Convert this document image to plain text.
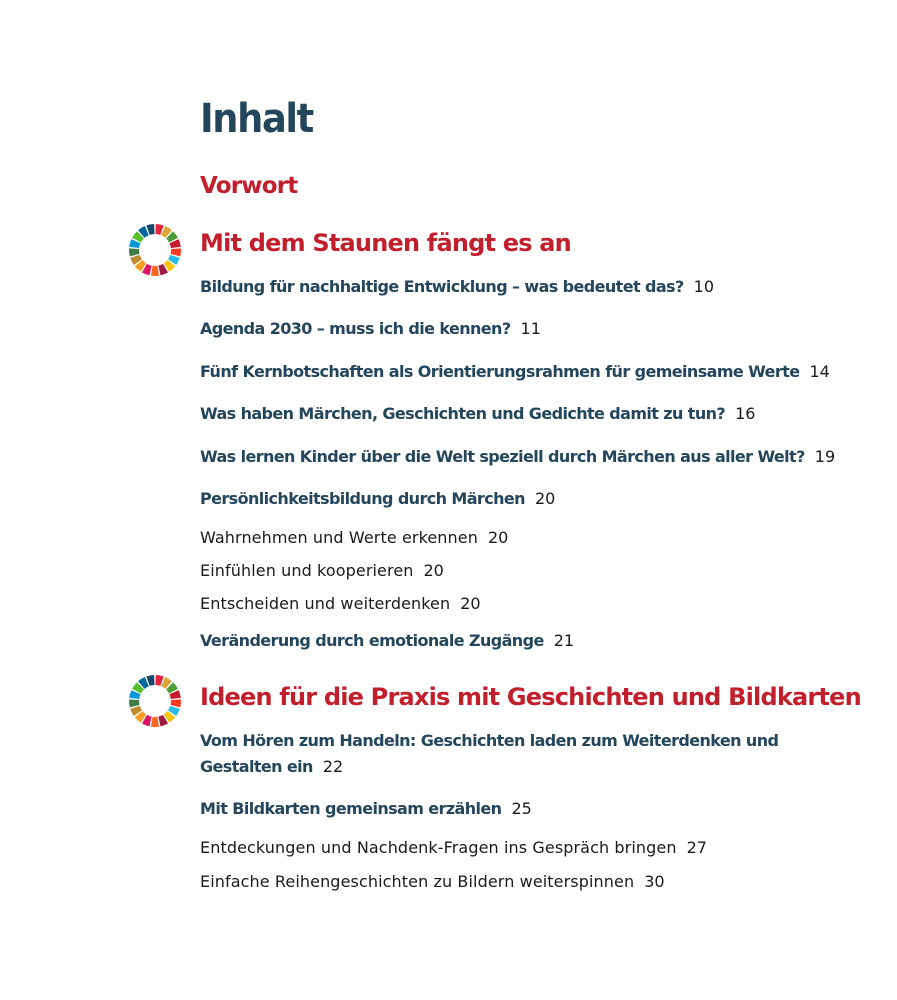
Inhalt
Vorwort
Mit dem Staunen fängt es an
Bildung für nachhaltige Entwicklung – was bedeutet das? 10
Agenda 2030 – muss ich die kennen? 11
Fünf Kernbotschaften als Orientierungsrahmen für gemeinsame Werte 14
Was haben Märchen, Geschichten und Gedichte damit zu tun? 16
Was lernen Kinder über die Welt speziell durch Märchen aus aller Welt? 19
Persönlichkeitsbildung durch Märchen 20
Wahrnehmen und Werte erkennen 20
Einfühlen und kooperieren 20
Entscheiden und weiterdenken 20
Veränderung durch emotionale Zugänge 21
Ideen für die Praxis mit Geschichten und Bildkarten
Vom Hören zum Handeln: Geschichten laden zum Weiterdenken und
Gestalten ein 22
Mit Bildkarten gemeinsam erzählen 25
Entdeckungen und Nachdenk-Fragen ins Gespräch bringen 27
Einfache Reihengeschichten zu Bildern weiterspinnen 30
